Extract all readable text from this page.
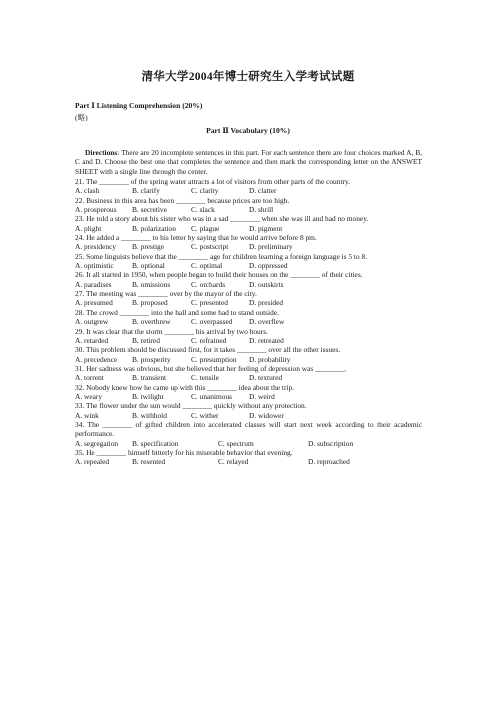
清华大学2004年博士研究生入学考试试题
Part Ⅰ Listening Comprehension (20%)
(略)
Part Ⅱ Vocabulary (10%)
Directions: There are 20 incomplete sentences in this part. For each sentence there are four choices marked A, B, C and D. Choose the best one that completes the sentence and then mark the corresponding letter on the ANSWET SHEET with a single line through the center.
21. The ________ of the spring water attracts a lot of visitors from other parts of the country.
A. clash	B. clarify	C. clarity	D. clatter
22. Business in this area has been ________ because prices are too high.
A. prosperous	B. secretive	C. slack	D. shrill
23. He told a story about his sister who was in a sad ________ when she was ill and had no money.
A. plight	B. polarization	C. plague	D. pigment
24. He added a ________ to his letter by saying that he would arrive before 8 pm.
A. presidency	B. prestige	C. postscript	D. preliminary
25. Some linguists believe that the ________ age for children learning a foreign language is 5 to 8.
A. optimistic	B. optional	C. optimal	D. oppressed
26. It all started in 1950, when people began to build their houses on the ________ of their cities.
A. paradises	B. omissions	C. orchards	D. outskirts
27. The meeting was ________ over by the mayor of the city.
A. presumed	B. proposed	C. presented	D. presided
28. The crowd ________ into the hall and some had to stand outside.
A. outgrew	B. overthrew	C. overpassed	D. overflew
29. It was clear that the storm ________ his arrival by two hours.
A. retarded	B. retired	C. refrained	D. retreated
30. This problem should be discussed first, for it takes ________ over all the other issues.
A. precedence	B. prosperity	C. presumption	D. probability
31. Her sadness was obvious, but she believed that her feeling of depression was ________.
A. torrent	B. transient	C. tensile	D. textured
32. Nobody knew how he came up with this ________ idea about the trip.
A. weary	B. twilight	C. unanimous	D. weird
33. The flower under the sun would ________ quickly without any protection.
A. wink	B. withhold	C. wither	D. widower
34. The ________ of gifted children into accelerated classes will start next week according to their academic performance.
A. segregation	B. specification	C. spectrum	D. subscription
35. He ________ himself bitterly for his miserable behavior that evening.
A. repealed	B. resented	C. relayed	D. reproached
